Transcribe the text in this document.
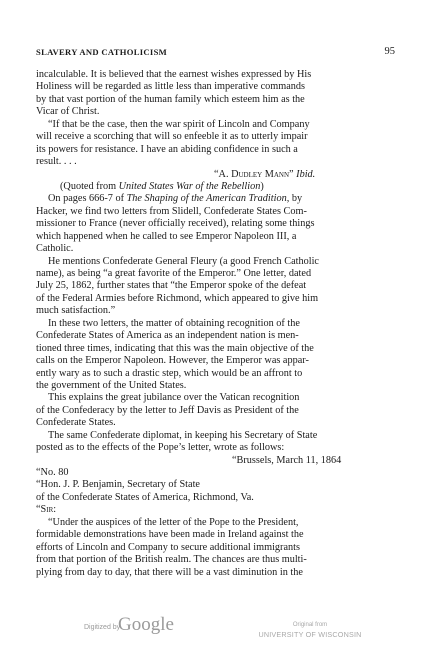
SLAVERY AND CATHOLICISM	95
incalculable. It is believed that the earnest wishes expressed by His
Holiness will be regarded as little less than imperative commands
by that vast portion of the human family which esteem him as the
Vicar of Christ.
“If that be the case, then the war spirit of Lincoln and Company
will receive a scorching that will so enfeeble it as to utterly impair
its powers for resistance. I have an abiding confidence in such a
result. . . .
“A. Dudley Mann” Ibid.
(Quoted from United States War of the Rebellion)
On pages 666-7 of The Shaping of the American Tradition, by
Hacker, we find two letters from Slidell, Confederate States Com-
missioner to France (never officially received), relating some things
which happened when he called to see Emperor Napoleon III, a
Catholic.
He mentions Confederate General Fleury (a good French Catholic
name), as being “a great favorite of the Emperor.” One letter, dated
July 25, 1862, further states that “the Emperor spoke of the defeat
of the Federal Armies before Richmond, which appeared to give him
much satisfaction.”
In these two letters, the matter of obtaining recognition of the
Confederate States of America as an independent nation is men-
tioned three times, indicating that this was the main objective of the
calls on the Emperor Napoleon. However, the Emperor was appar-
ently wary as to such a drastic step, which would be an affront to
the government of the United States.
This explains the great jubilance over the Vatican recognition
of the Confederacy by the letter to Jeff Davis as President of the
Confederate States.
The same Confederate diplomat, in keeping his Secretary of State
posted as to the effects of the Pope’s letter, wrote as follows:
“Brussels, March 11, 1864
“No. 80
“Hon. J. P. Benjamin, Secretary of State
of the Confederate States of America, Richmond, Va.
“Sir:
“Under the auspices of the letter of the Pope to the President,
formidable demonstrations have been made in Ireland against the
efforts of Lincoln and Company to secure additional immigrants
from that portion of the British realm. The chances are thus multi-
plying from day to day, that there will be a vast diminution in the
Digitized by
Google	Original from
UNIVERSITY OF WISCONSIN
